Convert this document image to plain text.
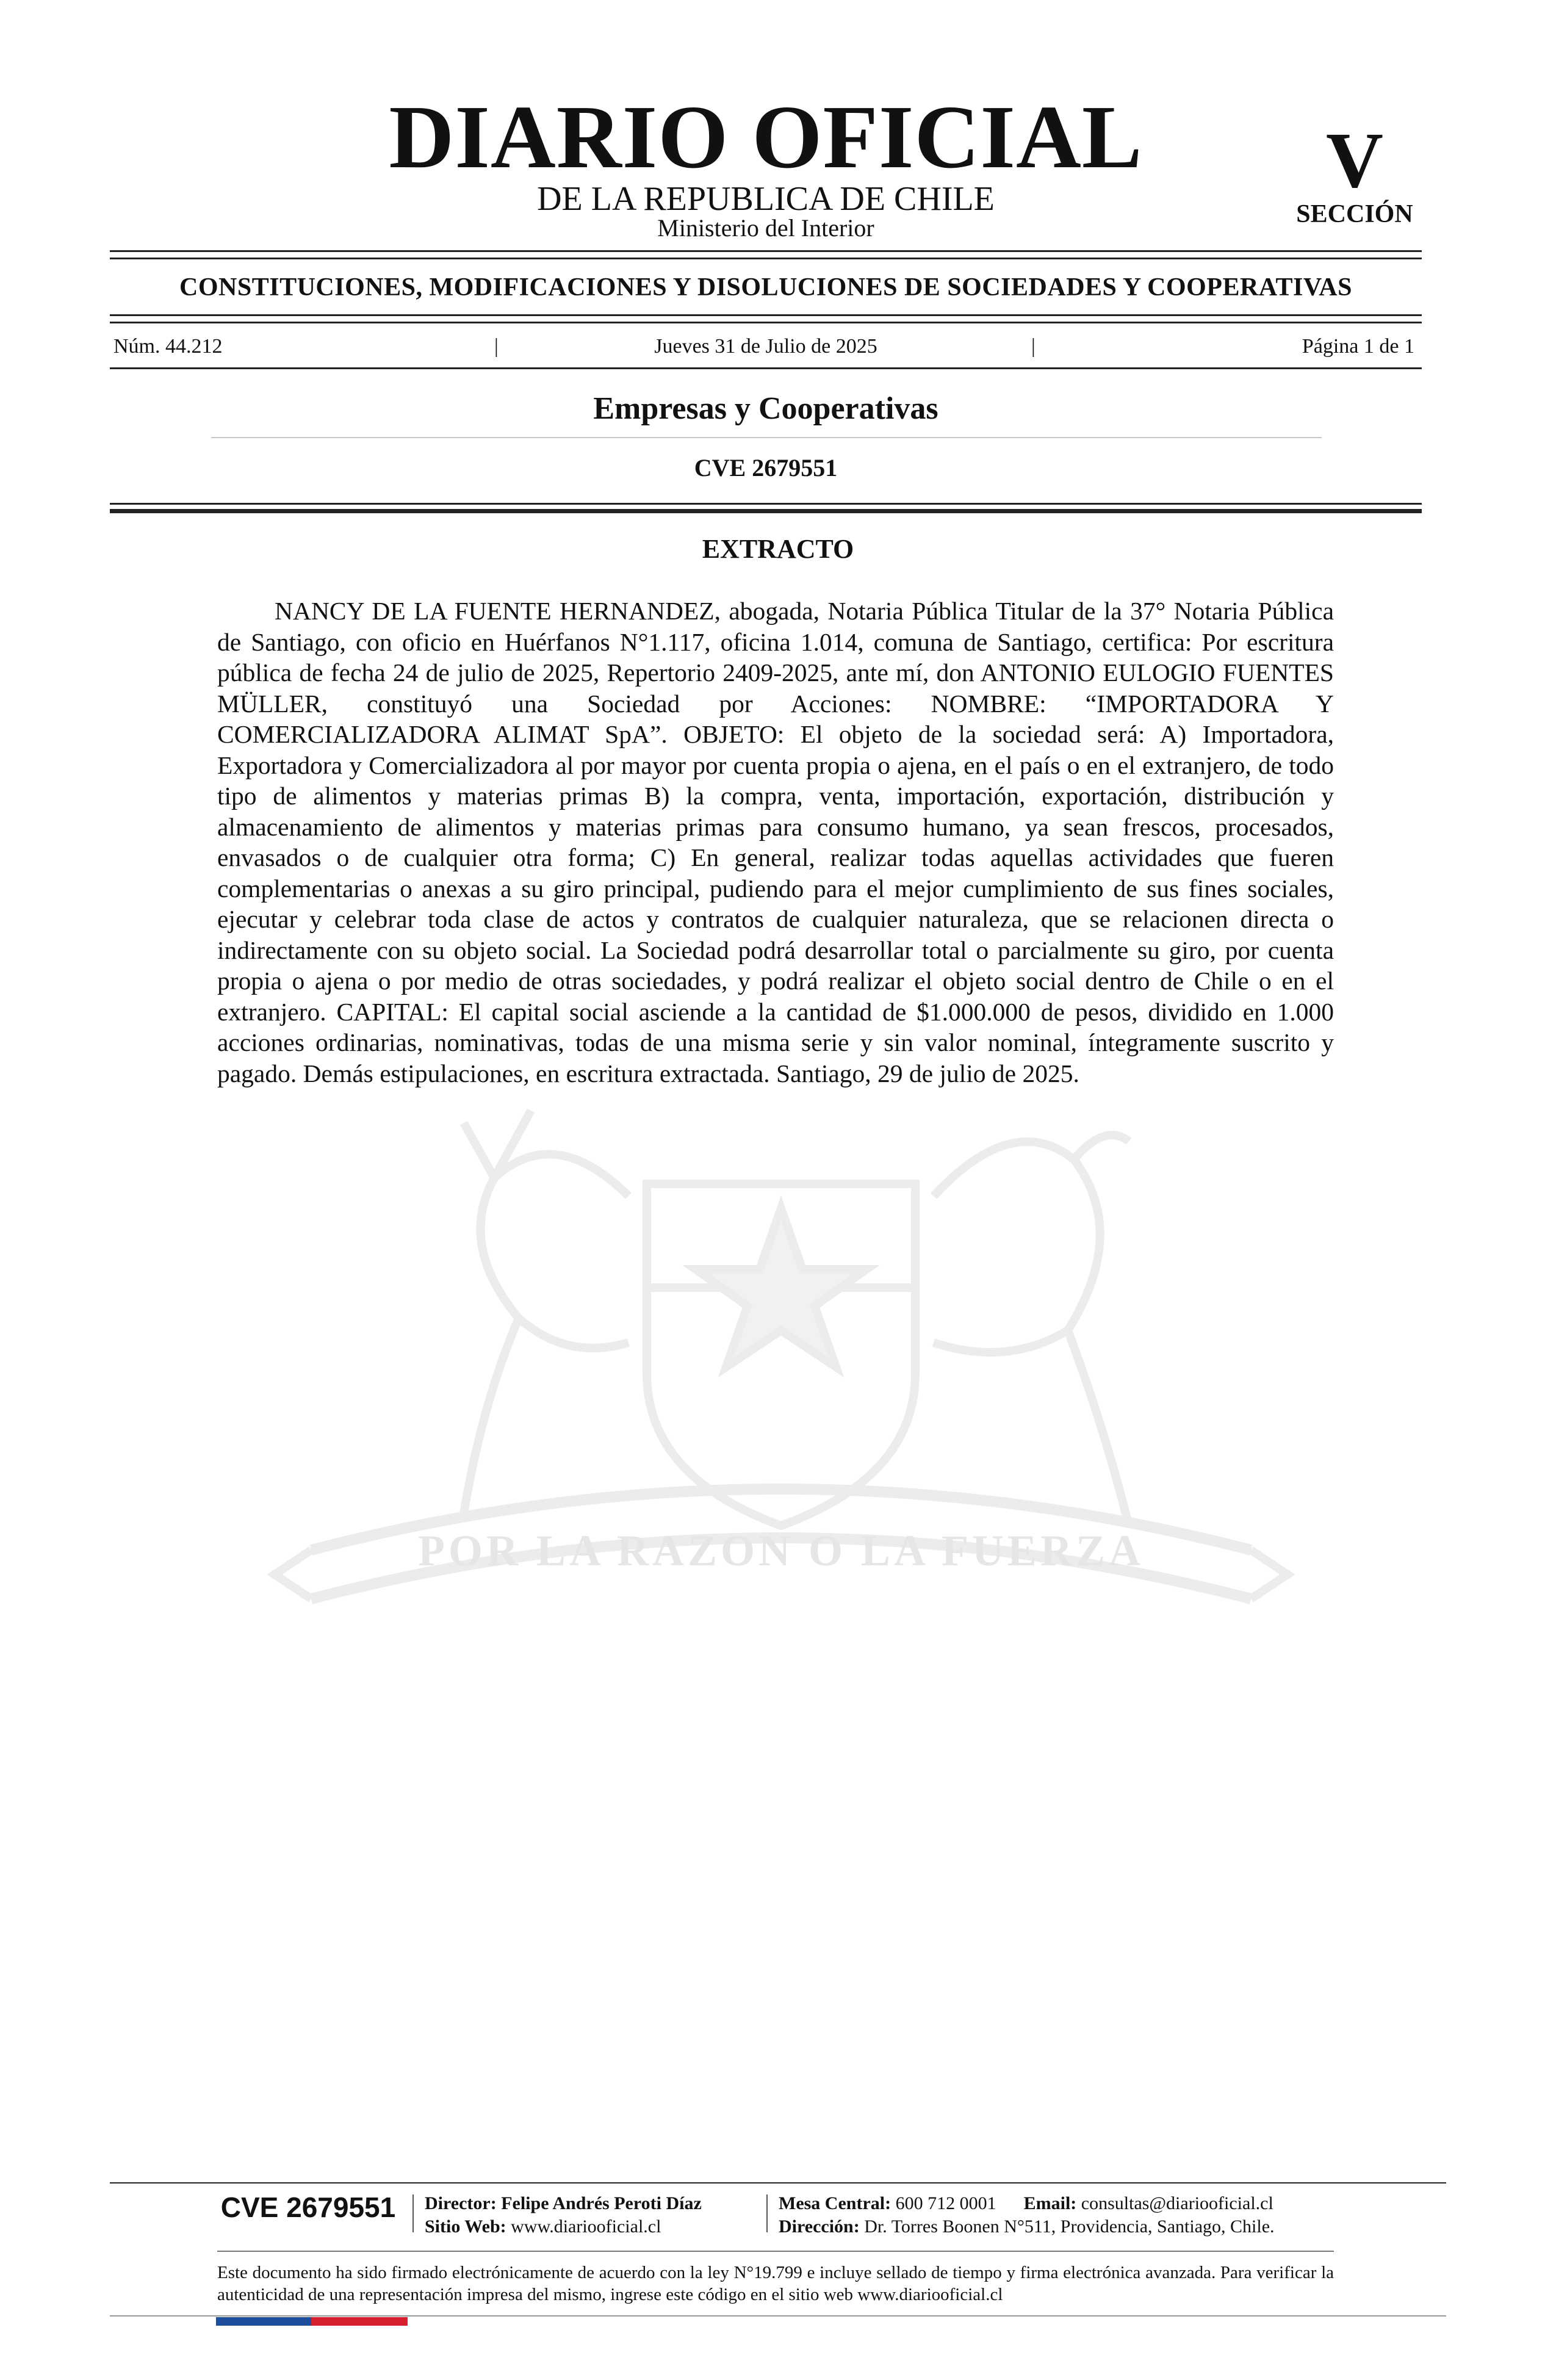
POR LA RAZON O LA FUERZA
DIARIO OFICIAL
DE LA REPUBLICA DE CHILE
Ministerio del Interior
V
SECCIÓN
CONSTITUCIONES, MODIFICACIONES Y DISOLUCIONES DE SOCIEDADES Y COOPERATIVAS
Núm. 44.212	|	Jueves 31 de Julio de 2025	|	Página 1 de 1
Empresas y Cooperativas
CVE 2679551
EXTRACTO
NANCY DE LA FUENTE HERNANDEZ, abogada, Notaria Pública Titular de la 37° Notaria Pública de Santiago, con oficio en Huérfanos N°1.117, oficina 1.014, comuna de Santiago, certifica: Por escritura pública de fecha 24 de julio de 2025, Repertorio 2409-2025, ante mí, don ANTONIO EULOGIO FUENTES MÜLLER, constituyó una Sociedad por Acciones: NOMBRE: “IMPORTADORA Y COMERCIALIZADORA ALIMAT SpA”. OBJETO: El objeto de la sociedad será: A) Importadora, Exportadora y Comercializadora al por mayor por cuenta propia o ajena, en el país o en el extranjero, de todo tipo de alimentos y materias primas B) la compra, venta, importación, exportación, distribución y almacenamiento de alimentos y materias primas para consumo humano, ya sean frescos, procesados, envasados o de cualquier otra forma; C) En general, realizar todas aquellas actividades que fueren complementarias o anexas a su giro principal, pudiendo para el mejor cumplimiento de sus fines sociales, ejecutar y celebrar toda clase de actos y contratos de cualquier naturaleza, que se relacionen directa o indirectamente con su objeto social. La Sociedad podrá desarrollar total o parcialmente su giro, por cuenta propia o ajena o por medio de otras sociedades, y podrá realizar el objeto social dentro de Chile o en el extranjero. CAPITAL: El capital social asciende a la cantidad de $1.000.000 de pesos, dividido en 1.000 acciones ordinarias, nominativas, todas de una misma serie y sin valor nominal, íntegramente suscrito y pagado. Demás estipulaciones, en escritura extractada. Santiago, 29 de julio de 2025.
CVE 2679551	Director: Felipe Andrés Peroti Díaz
Sitio Web: www.diariooficial.cl
Mesa Central: 600 712 0001 Email: consultas@diariooficial.cl
Dirección: Dr. Torres Boonen N°511, Providencia, Santiago, Chile.
Este documento ha sido firmado electrónicamente de acuerdo con la ley N°19.799 e incluye sellado de tiempo y firma electrónica avanzada. Para verificar la autenticidad de una representación impresa del mismo, ingrese este código en el sitio web www.diariooficial.cl
